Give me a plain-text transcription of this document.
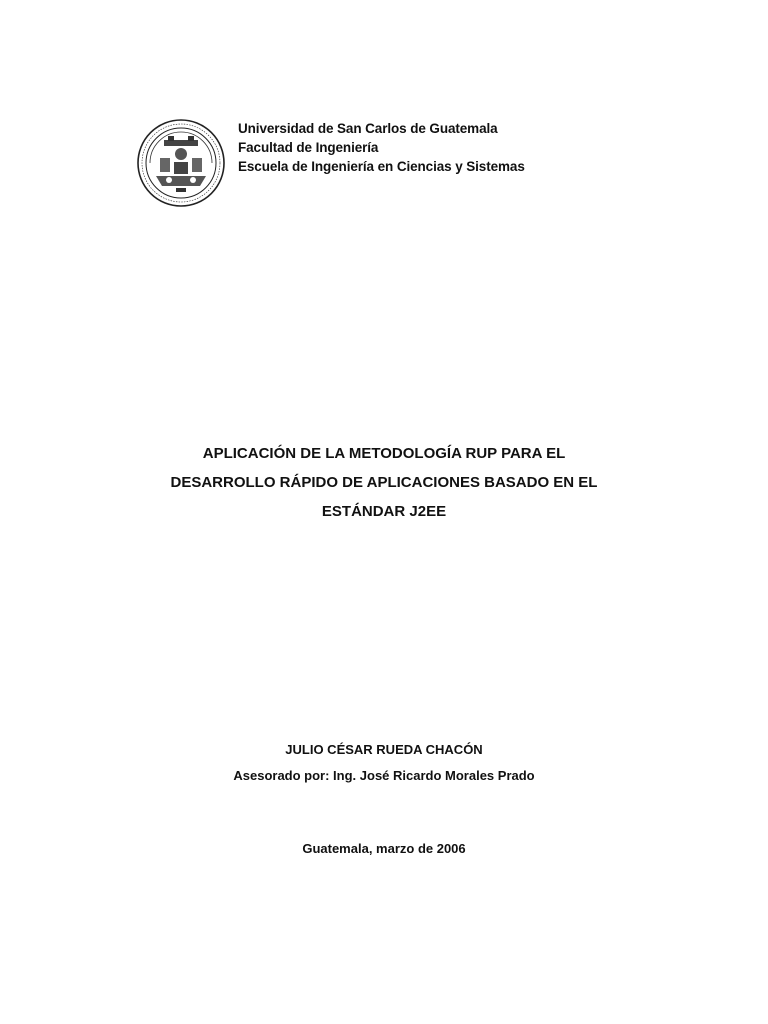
Universidad de San Carlos de Guatemala
Facultad de Ingeniería
Escuela de Ingeniería en Ciencias y Sistemas
APLICACIÓN DE LA METODOLOGÍA RUP PARA EL
DESARROLLO RÁPIDO DE APLICACIONES BASADO EN EL
ESTÁNDAR J2EE
JULIO CÉSAR RUEDA CHACÓN
Asesorado por: Ing. José Ricardo Morales Prado
Guatemala, marzo de 2006
